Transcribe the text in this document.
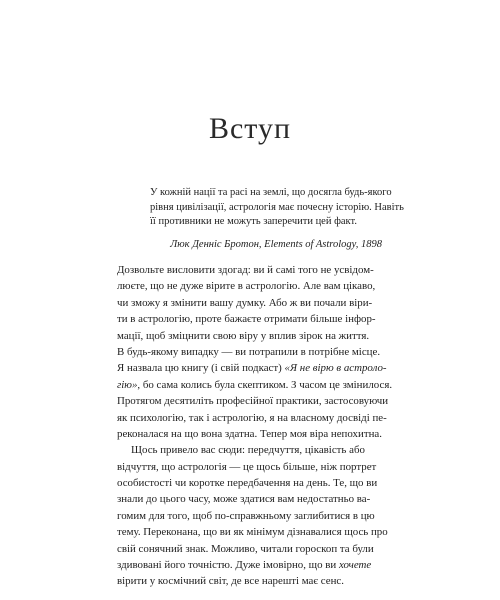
Вступ
У кожній нації та расі на землі, що досягла будь-якого
рівня цивілізації, астрологія має почесну історію. Навіть
її противники не можуть заперечити цей факт.
Люк Денніс Бротон, Elements of Astrology, 1898
Дозвольте висловити здогад: ви й самі того не усвідом-
люєте, що не дуже вірите в астрологію. Але вам цікаво,
чи зможу я змінити вашу думку. Або ж ви почали віри-
ти в астрологію, проте бажаєте отримати більше інфор-
мації, щоб зміцнити свою віру у вплив зірок на життя.
В будь-якому випадку — ви потрапили в потрібне місце.
Я назвала цю книгу (і свій подкаст) «Я не вірю в астроло-
гію», бо сама колись була скептиком. З часом це змінилося.
Протягом десятиліть професійної практики, застосовуючи
як психологію, так і астрологію, я на власному досвіді пе-
реконалася на що вона здатна. Тепер моя віра непохитна.
Щось привело вас сюди: передчуття, цікавість або
відчуття, що астрологія — це щось більше, ніж портрет
особистості чи коротке передбачення на день. Те, що ви
знали до цього часу, може здатися вам недостатньо ва-
гомим для того, щоб по-справжньому заглибитися в цю
тему. Переконана, що ви як мінімум дізнавалися щось про
свій сонячний знак. Можливо, читали гороскоп та були
здивовані його точністю. Дуже імовірно, що ви хочете
вірити у космічний світ, де все нарешті має сенс.
